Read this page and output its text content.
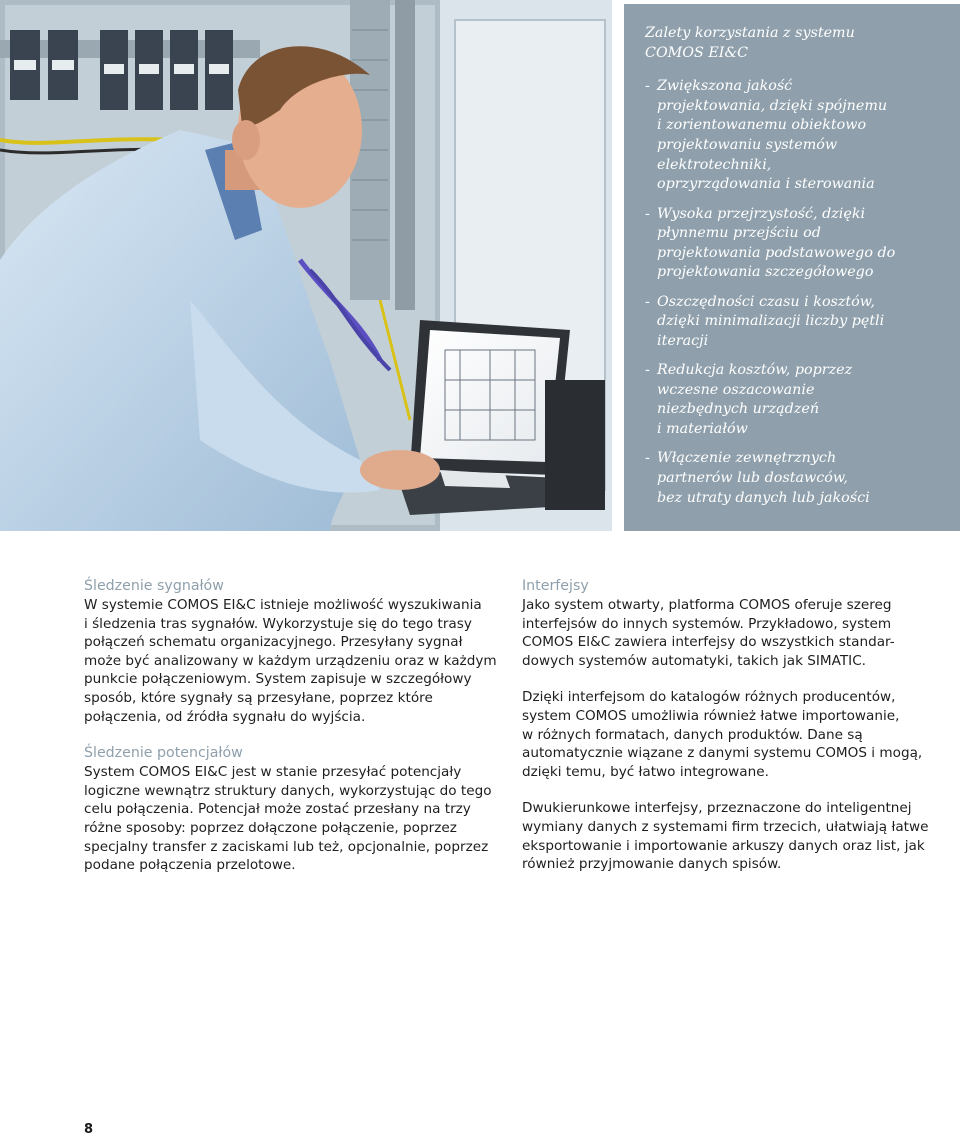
Zalety korzystania z systemu
COMOS EI&C
- Zwiększona jakość
projektowania, dzięki spójnemu
i zorientowanemu obiektowo
projektowaniu systemów
elektrotechniki,
oprzyrządowania i sterowania
- Wysoka przejrzystość, dzięki
płynnemu przejściu od
projektowania podstawowego do
projektowania szczegółowego
- Oszczędności czasu i kosztów,
dzięki minimalizacji liczby pętli
iteracji
- Redukcja kosztów, poprzez
wczesne oszacowanie
niezbędnych urządzeń
i materiałów
- Włączenie zewnętrznych
partnerów lub dostawców,
bez utraty danych lub jakości
Śledzenie sygnałów

W systemie COMOS EI&C istnieje możliwość wyszukiwania
i śledzenia tras sygnałów. Wykorzystuje się do tego trasy
połączeń schematu organizacyjnego. Przesyłany sygnał
może być analizowany w każdym urządzeniu oraz w każdym
punkcie połączeniowym. System zapisuje w szczegółowy
sposób, które sygnały są przesyłane, poprzez które
połączenia, od źródła sygnału do wyjścia.

Śledzenie potencjałów

System COMOS EI&C jest w stanie przesyłać potencjały
logiczne wewnątrz struktury danych, wykorzystując do tego
celu połączenia. Potencjał może zostać przesłany na trzy
różne sposoby: poprzez dołączone połączenie, poprzez
specjalny transfer z zaciskami lub też, opcjonalnie, poprzez
podane połączenia przelotowe.

Interfejsy

Jako system otwarty, platforma COMOS oferuje szereg
interfejsów do innych systemów. Przykładowo, system
COMOS EI&C zawiera interfejsy do wszystkich standar-
dowych systemów automatyki, takich jak SIMATIC.

Dzięki interfejsom do katalogów różnych producentów,
system COMOS umożliwia również łatwe importowanie,
w różnych formatach, danych produktów. Dane są
automatycznie wiązane z danymi systemu COMOS i mogą,
dzięki temu, być łatwo integrowane.

Dwukierunkowe interfejsy, przeznaczone do inteligentnej
wymiany danych z systemami firm trzecich, ułatwiają łatwe
eksportowanie i importowanie arkuszy danych oraz list, jak
również przyjmowanie danych spisów.

8
